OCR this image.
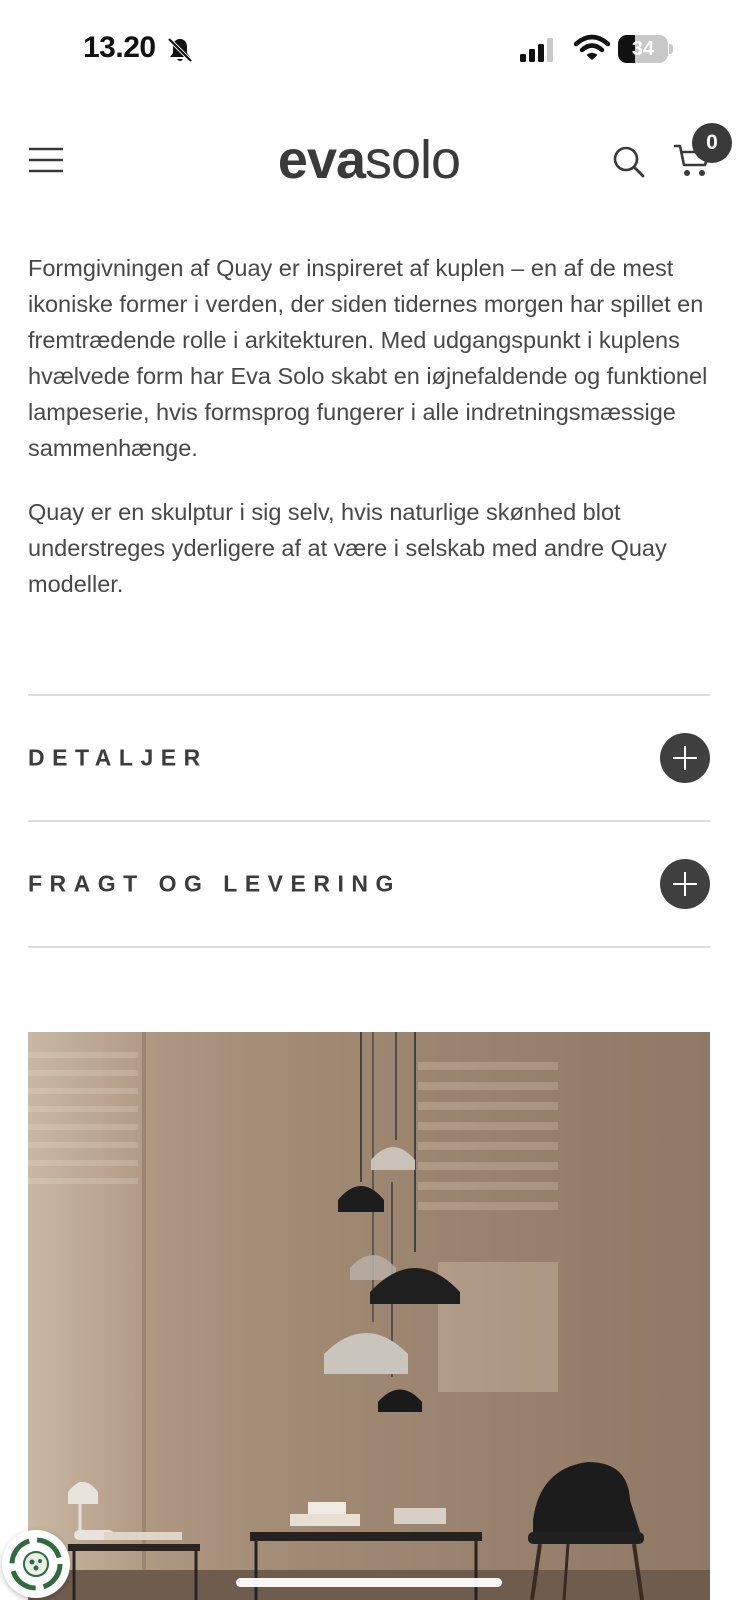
13.20	34
evasolo	0

Formgivningen af Quay er inspireret af kuplen – en af de mest ikoniske former i verden, der siden tidernes morgen har spillet en fremtrædende rolle i arkitekturen. Med udgangspunkt i kuplens hvælvede form har Eva Solo skabt en iøjnefaldende og funktionel lampeserie, hvis formsprog fungerer i alle indretningsmæssige sammenhænge.

Quay er en skulptur i sig selv, hvis naturlige skønhed blot understreges yderligere af at være i selskab med andre Quay modeller.

DETALJER
FRAGT OG LEVERING
